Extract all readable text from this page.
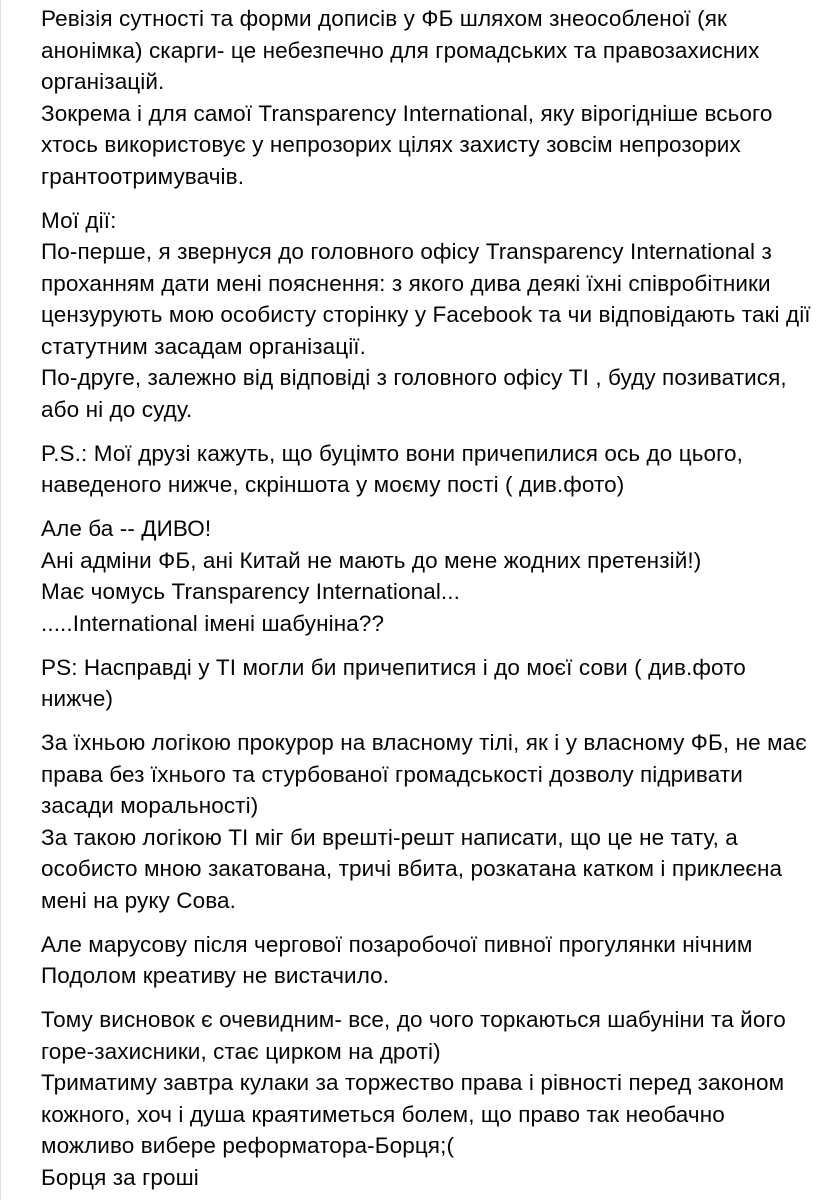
Ревізія сутності та форми дописів у ФБ шляхом знеособленої (як
анонімка) скарги- це небезпечно для громадських та правозахисних
організацій.
Зокрема і для самої Transparency International, яку вірогідніше всього
хтось використовує у непрозорих цілях захисту зовсім непрозорих
грантоотримувачів.

Мої дії:
По-перше, я звернуся до головного офісу Transparency International з
проханням дати мені пояснення: з якого дива деякі їхні співробітники
цензурують мою особисту сторінку у Facebook та чи відповідають такі дії
статутним засадам організації.
По-друге, залежно від відповіді з головного офісу ТІ , буду позиватися,
або ні до суду.

P.S.: Мої друзі кажуть, що буцімто вони причепилися ось до цього,
наведеного нижче, скріншота у моєму пості ( див.фото)

Але ба -- ДИВО!
Ані адміни ФБ, ані Китай не мають до мене жодних претензій!)
Має чомусь Transparency International...
.....International імені шабуніна??

PS: Насправді у ТІ могли би причепитися і до моєї сови ( див.фото
нижче)

За їхньою логікою прокурор на власному тілі, як і у власному ФБ, не має
права без їхнього та стурбованої громадськості дозволу підривати
засади моральності)
За такою логікою ТІ міг би врешті-решт написати, що це не тату, а
особисто мною закатована, тричі вбита, розкатана катком і приклеєна
мені на руку Сова.

Але марусову після чергової позаробочої пивної прогулянки нічним
Подолом креативу не вистачило.

Тому висновок є очевидним- все, до чого торкаються шабуніни та його
горе-захисники, стає цирком на дроті)
Триматиму завтра кулаки за торжество права і рівності перед законом
кожного, хоч і душа краятиметься болем, що право так необачно
можливо вибере реформатора-Борця;(
Борця за гроші
